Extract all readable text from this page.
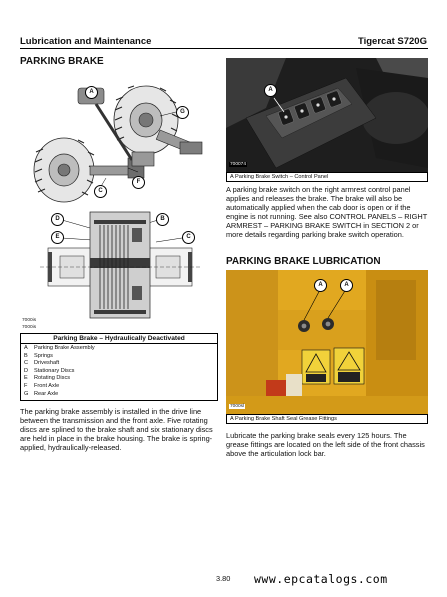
Lubrication and Maintenance	Tigercat S720G
PARKING BRAKE
A
G
F
C
D
E	C
B
7000is
7000is
Parking Brake – Hydraulically Deactivated
A	Parking Brake Assembly
B	Springs
C	Driveshaft
D	Stationary Discs
E	Rotating Discs
F	Front Axle
G	Rear Axle
The parking brake assembly is installed in the drive line between the transmission and the front axle. Five rotating discs are splined to the brake shaft and six stationary discs are held in place in the brake housing. The brake is spring-applied, hydraulically-released.
A
700074
A Parking Brake Switch – Control Panel
A parking brake switch on the right armrest control panel applies and releases the brake. The brake will also be automatically applied when the cab door is open or if the engine is not running. See also CONTROL PANELS – RIGHT ARMREST – PARKING BRAKE SWITCH in SECTION 2 or more details regarding parking brake switch operation.
PARKING BRAKE LUBRICATION
A	A
7000sl
A Parking Brake Shaft Seal Grease Fittings
Lubricate the parking brake seals every 125 hours. The grease fittings are located on the left side of the front chassis above the articulation lock bar.
3.80 www.epcatalogs.com
